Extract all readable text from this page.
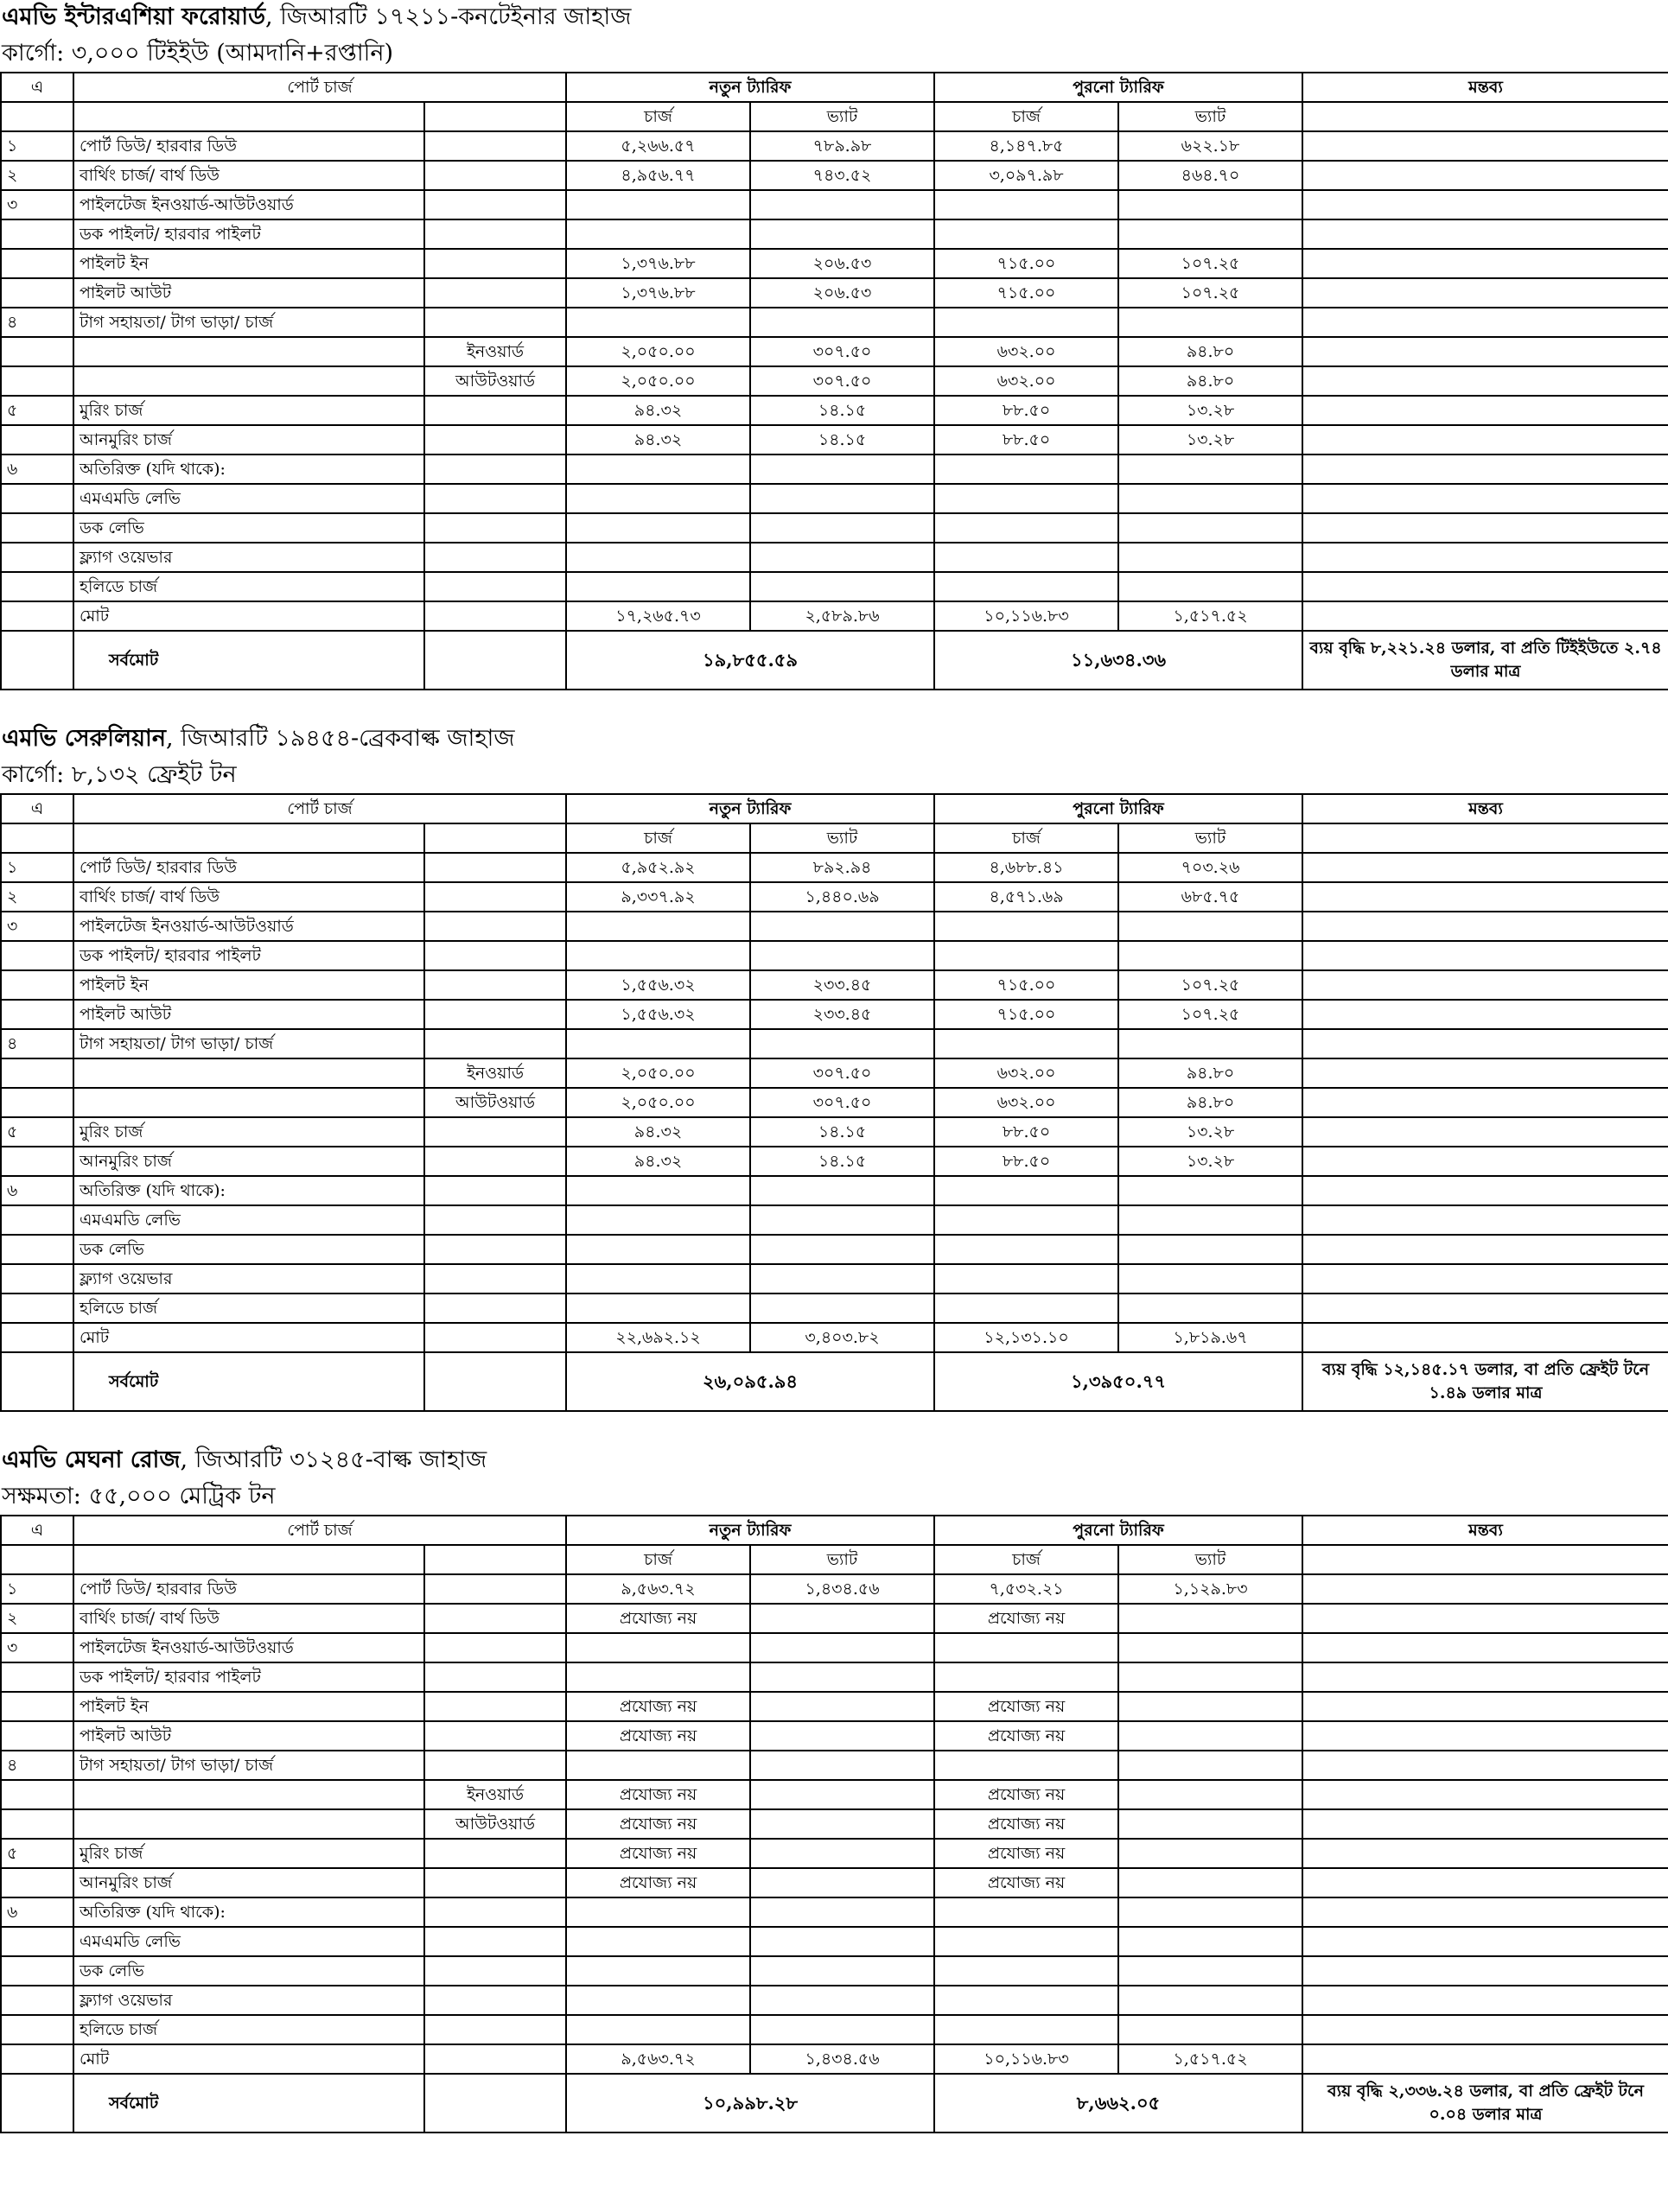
এমভি ইন্টারএশিয়া ফরোয়ার্ড, জিআরটি ১৭২১১-কনটেইনার জাহাজ
কার্গো: ৩,০০০ টিইইউ (আমদানি+রপ্তানি)
এ	পোর্ট চার্জ		নতুন ট্যারিফ		পুরনো ট্যারিফ		মন্তব্য
			চার্জ	ভ্যাট	চার্জ	ভ্যাট	
১	পোর্ট ডিউ/ হারবার ডিউ		৫,২৬৬.৫৭	৭৮৯.৯৮	৪,১৪৭.৮৫	৬২২.১৮	
২	বার্থিং চার্জ/ বার্থ ডিউ		৪,৯৫৬.৭৭	৭৪৩.৫২	৩,০৯৭.৯৮	৪৬৪.৭০	
৩	পাইলটেজ ইনওয়ার্ড-আউটওয়ার্ড						
	ডক পাইলট/ হারবার পাইলট						
	পাইলট ইন		১,৩৭৬.৮৮	২০৬.৫৩	৭১৫.০০	১০৭.২৫	
	পাইলট আউট		১,৩৭৬.৮৮	২০৬.৫৩	৭১৫.০০	১০৭.২৫	
৪	টাগ সহায়তা/ টাগ ভাড়া/ চার্জ						
		ইনওয়ার্ড	২,০৫০.০০	৩০৭.৫০	৬৩২.০০	৯৪.৮০	
		আউটওয়ার্ড	২,০৫০.০০	৩০৭.৫০	৬৩২.০০	৯৪.৮০	
৫	মুরিং চার্জ		৯৪.৩২	১৪.১৫	৮৮.৫০	১৩.২৮	
	আনমুরিং চার্জ		৯৪.৩২	১৪.১৫	৮৮.৫০	১৩.২৮	
৬	অতিরিক্ত (যদি থাকে):						
	এমএমডি লেভি						
	ডক লেভি						
	ফ্ল্যাগ ওয়েভার						
	হলিডে চার্জ						
	মোট		১৭,২৬৫.৭৩	২,৫৮৯.৮৬	১০,১১৬.৮৩	১,৫১৭.৫২	
	সর্বমোট		১৯,৮৫৫.৫৯		১১,৬৩৪.৩৬		ব্যয় বৃদ্ধি ৮,২২১.২৪ ডলার, বা প্রতি টিইইউতে ২.৭৪ ডলার মাত্র
এমভি সেরুলিয়ান, জিআরটি ১৯৪৫৪-ব্রেকবাল্ক জাহাজ
কার্গো: ৮,১৩২ ফ্রেইট টন
এ	পোর্ট চার্জ		নতুন ট্যারিফ		পুরনো ট্যারিফ		মন্তব্য
			চার্জ	ভ্যাট	চার্জ	ভ্যাট	
১	পোর্ট ডিউ/ হারবার ডিউ		৫,৯৫২.৯২	৮৯২.৯৪	৪,৬৮৮.৪১	৭০৩.২৬	
২	বার্থিং চার্জ/ বার্থ ডিউ		৯,৩৩৭.৯২	১,৪৪০.৬৯	৪,৫৭১.৬৯	৬৮৫.৭৫	
৩	পাইলটেজ ইনওয়ার্ড-আউটওয়ার্ড						
	ডক পাইলট/ হারবার পাইলট						
	পাইলট ইন		১,৫৫৬.৩২	২৩৩.৪৫	৭১৫.০০	১০৭.২৫	
	পাইলট আউট		১,৫৫৬.৩২	২৩৩.৪৫	৭১৫.০০	১০৭.২৫	
৪	টাগ সহায়তা/ টাগ ভাড়া/ চার্জ						
		ইনওয়ার্ড	২,০৫০.০০	৩০৭.৫০	৬৩২.০০	৯৪.৮০	
		আউটওয়ার্ড	২,০৫০.০০	৩০৭.৫০	৬৩২.০০	৯৪.৮০	
৫	মুরিং চার্জ		৯৪.৩২	১৪.১৫	৮৮.৫০	১৩.২৮	
	আনমুরিং চার্জ		৯৪.৩২	১৪.১৫	৮৮.৫০	১৩.২৮	
৬	অতিরিক্ত (যদি থাকে):						
	এমএমডি লেভি						
	ডক লেভি						
	ফ্ল্যাগ ওয়েভার						
	হলিডে চার্জ						
	মোট		২২,৬৯২.১২	৩,৪০৩.৮২	১২,১৩১.১০	১,৮১৯.৬৭	
	সর্বমোট		২৬,০৯৫.৯৪		১,৩৯৫০.৭৭		ব্যয় বৃদ্ধি ১২,১৪৫.১৭ ডলার, বা প্রতি ফ্রেইট টনে ১.৪৯ ডলার মাত্র
এমভি মেঘনা রোজ, জিআরটি ৩১২৪৫-বাল্ক জাহাজ
সক্ষমতা: ৫৫,০০০ মেট্রিক টন
এ	পোর্ট চার্জ		নতুন ট্যারিফ		পুরনো ট্যারিফ		মন্তব্য
			চার্জ	ভ্যাট	চার্জ	ভ্যাট	
১	পোর্ট ডিউ/ হারবার ডিউ		৯,৫৬৩.৭২	১,৪৩৪.৫৬	৭,৫৩২.২১	১,১২৯.৮৩	
২	বার্থিং চার্জ/ বার্থ ডিউ		প্রযোজ্য নয়		প্রযোজ্য নয়		
৩	পাইলটেজ ইনওয়ার্ড-আউটওয়ার্ড						
	ডক পাইলট/ হারবার পাইলট						
	পাইলট ইন		প্রযোজ্য নয়		প্রযোজ্য নয়		
	পাইলট আউট		প্রযোজ্য নয়		প্রযোজ্য নয়		
৪	টাগ সহায়তা/ টাগ ভাড়া/ চার্জ						
		ইনওয়ার্ড	প্রযোজ্য নয়		প্রযোজ্য নয়		
		আউটওয়ার্ড	প্রযোজ্য নয়		প্রযোজ্য নয়		
৫	মুরিং চার্জ		প্রযোজ্য নয়		প্রযোজ্য নয়		
	আনমুরিং চার্জ		প্রযোজ্য নয়		প্রযোজ্য নয়		
৬	অতিরিক্ত (যদি থাকে):						
	এমএমডি লেভি						
	ডক লেভি						
	ফ্ল্যাগ ওয়েভার						
	হলিডে চার্জ						
	মোট		৯,৫৬৩.৭২	১,৪৩৪.৫৬	১০,১১৬.৮৩	১,৫১৭.৫২	
	সর্বমোট		১০,৯৯৮.২৮		৮,৬৬২.০৫		ব্যয় বৃদ্ধি ২,৩৩৬.২৪ ডলার, বা প্রতি ফ্রেইট টনে ০.০৪ ডলার মাত্র
